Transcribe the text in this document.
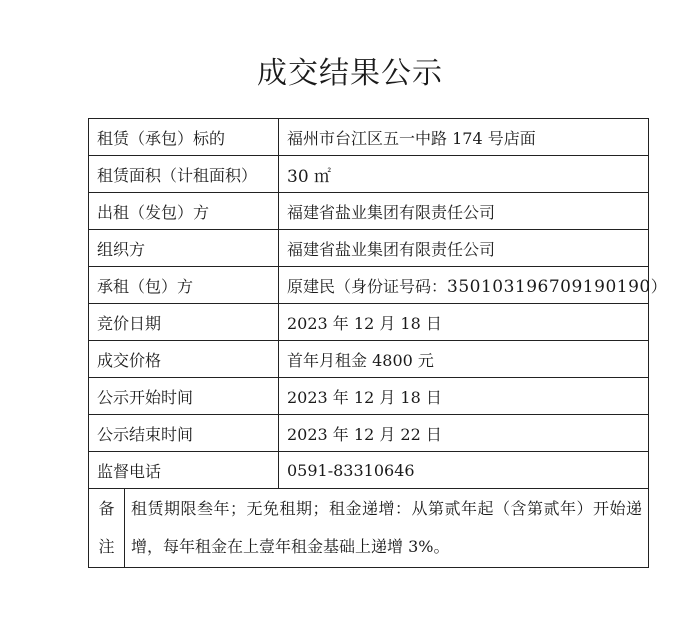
成交结果公示
租赁（承包）标的		福州市台江区五一中路 174 号店面
租赁面积（计租面积）		30 ㎡
出租（发包）方		福建省盐业集团有限责任公司
组织方		福建省盐业集团有限责任公司
承租（包）方		原建民（身份证号码：350103196709190190）
竞价日期		2023 年 12 月 18 日
成交价格		首年月租金 4800 元
公示开始时间		2023 年 12 月 18 日
公示结束时间		2023 年 12 月 22 日
监督电话		0591-83310646
备注	租赁期限叁年；无免租期；租金递增：从第贰年起（含第贰年）开始递增，每年租金在上壹年租金基础上递增 3%。	
